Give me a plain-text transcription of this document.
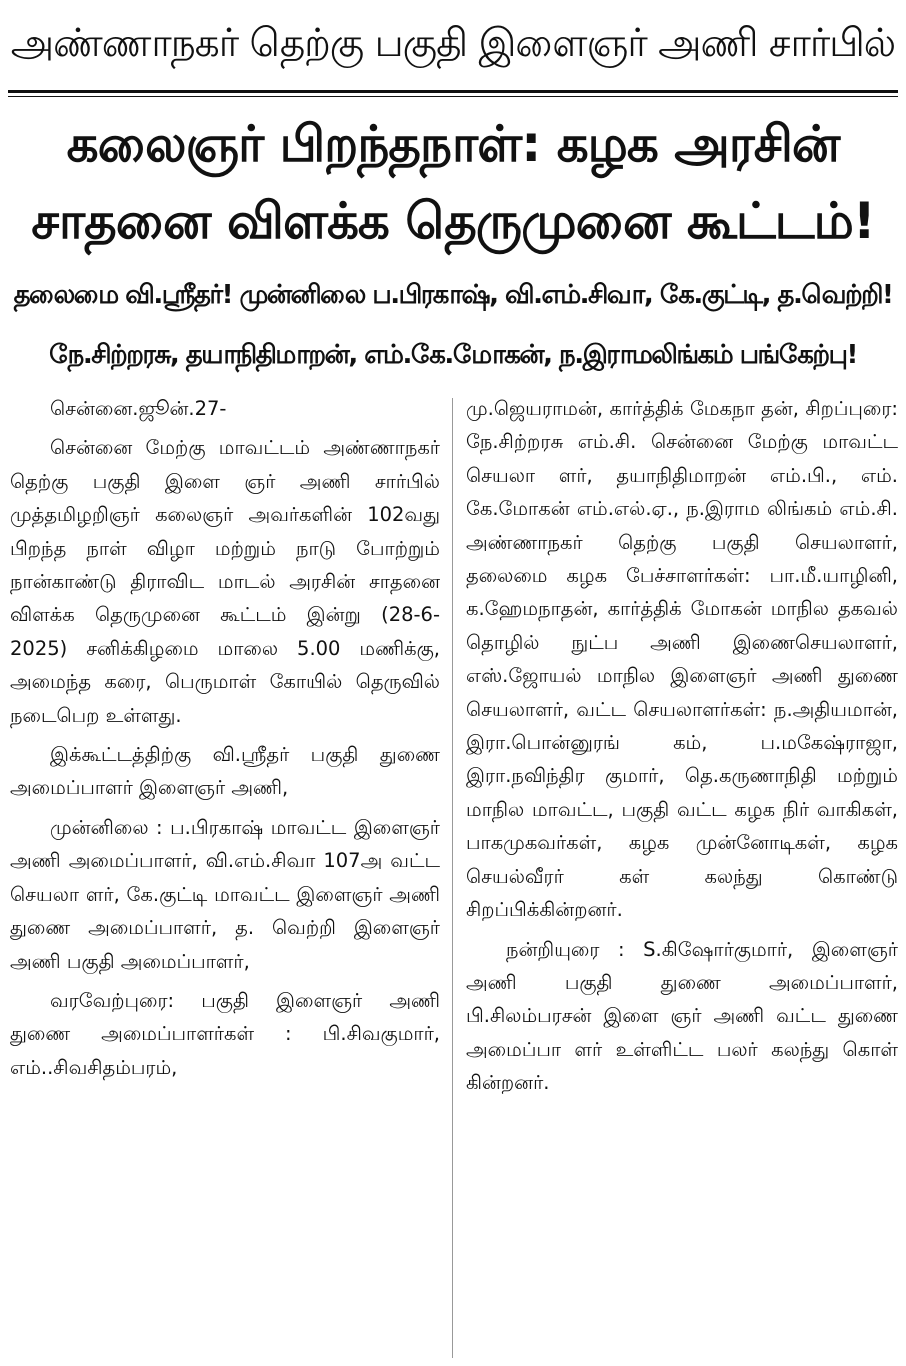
அண்ணாநகர் தெற்கு பகுதி இளைஞர் அணி சார்பில்
கலைஞர் பிறந்தநாள்: கழக அரசின்
சாதனை விளக்க தெருமுனை கூட்டம்!
தலைமை வி.ஸ்ரீதர்! முன்னிலை ப.பிரகாஷ், வி.எம்.சிவா, கே.குட்டி, த.வெற்றி!
நே.சிற்றரசு, தயாநிதிமாறன், எம்.கே.மோகன், ந.இராமலிங்கம் பங்கேற்பு!

சென்னை.ஜூன்.27-

சென்னை மேற்கு மாவட்டம் அண்ணாநகர் தெற்கு பகுதி இளை ஞர் அணி சார்பில் முத்தமிழறிஞர் கலைஞர் அவர்களின் 102வது பிறந்த நாள் விழா மற்றும் நாடு போற்றும் நான்காண்டு திராவிட மாடல் அரசின் சாதனை விளக்க தெருமுனை கூட்டம் இன்று (28-6-2025) சனிக்கிழமை மாலை 5.00 மணிக்கு, அமைந்த கரை, பெருமாள் கோயில் தெருவில் நடைபெற உள்ளது.

இக்கூட்டத்திற்கு வி.ஸ்ரீதர் பகுதி துணை அமைப்பாளர் இளைஞர் அணி,

முன்னிலை : ப.பிரகாஷ் மாவட்ட இளைஞர் அணி அமைப்பாளர், வி.எம்.சிவா 107அ வட்ட செயலா ளர், கே.குட்டி மாவட்ட இளைஞர் அணி துணை அமைப்பாளர், த. வெற்றி இளைஞர் அணி பகுதி அமைப்பாளர்,

வரவேற்புரை: பகுதி இளைஞர் அணி துணை அமைப்பாளர்கள் : பி.சிவகுமார், எம்..சிவசிதம்பரம்,

மு.ஜெயராமன், கார்த்திக் மேகநா தன், சிறப்புரை: நே.சிற்றரசு எம்.சி. சென்னை மேற்கு மாவட்ட செயலா ளர், தயாநிதிமாறன் எம்.பி., எம். கே.மோகன் எம்.எல்.ஏ., ந.இராம லிங்கம் எம்.சி. அண்ணாநகர் தெற்கு பகுதி செயலாளர், தலைமை கழக பேச்சாளர்கள்: பா.மீ.யாழினி, க.ஹேமநாதன், கார்த்திக் மோகன் மாநில தகவல் தொழில் நுட்ப அணி இணைசெயலாளர், எஸ்.ஜோயல் மாநில இளைஞர் அணி துணை செயலாளர், வட்ட செயலாளர்கள்: ந.அதியமான், இரா.பொன்னுரங் கம், ப.மகேஷ்ராஜா, இரா.நவிந்திர குமார், தெ.கருணாநிதி மற்றும் மாநில மாவட்ட, பகுதி வட்ட கழக நிர் வாகிகள், பாகமுகவர்கள், கழக முன்னோடிகள், கழக செயல்வீரர் கள் கலந்து கொண்டு சிறப்பிக்கின்றனர்.

நன்றியுரை : S.கிஷோர்குமார், இளைஞர் அணி பகுதி துணை அமைப்பாளர், பி.சிலம்பரசன் இளை ஞர் அணி வட்ட துணை அமைப்பா ளர் உள்ளிட்ட பலர் கலந்து கொள் கின்றனர்.
